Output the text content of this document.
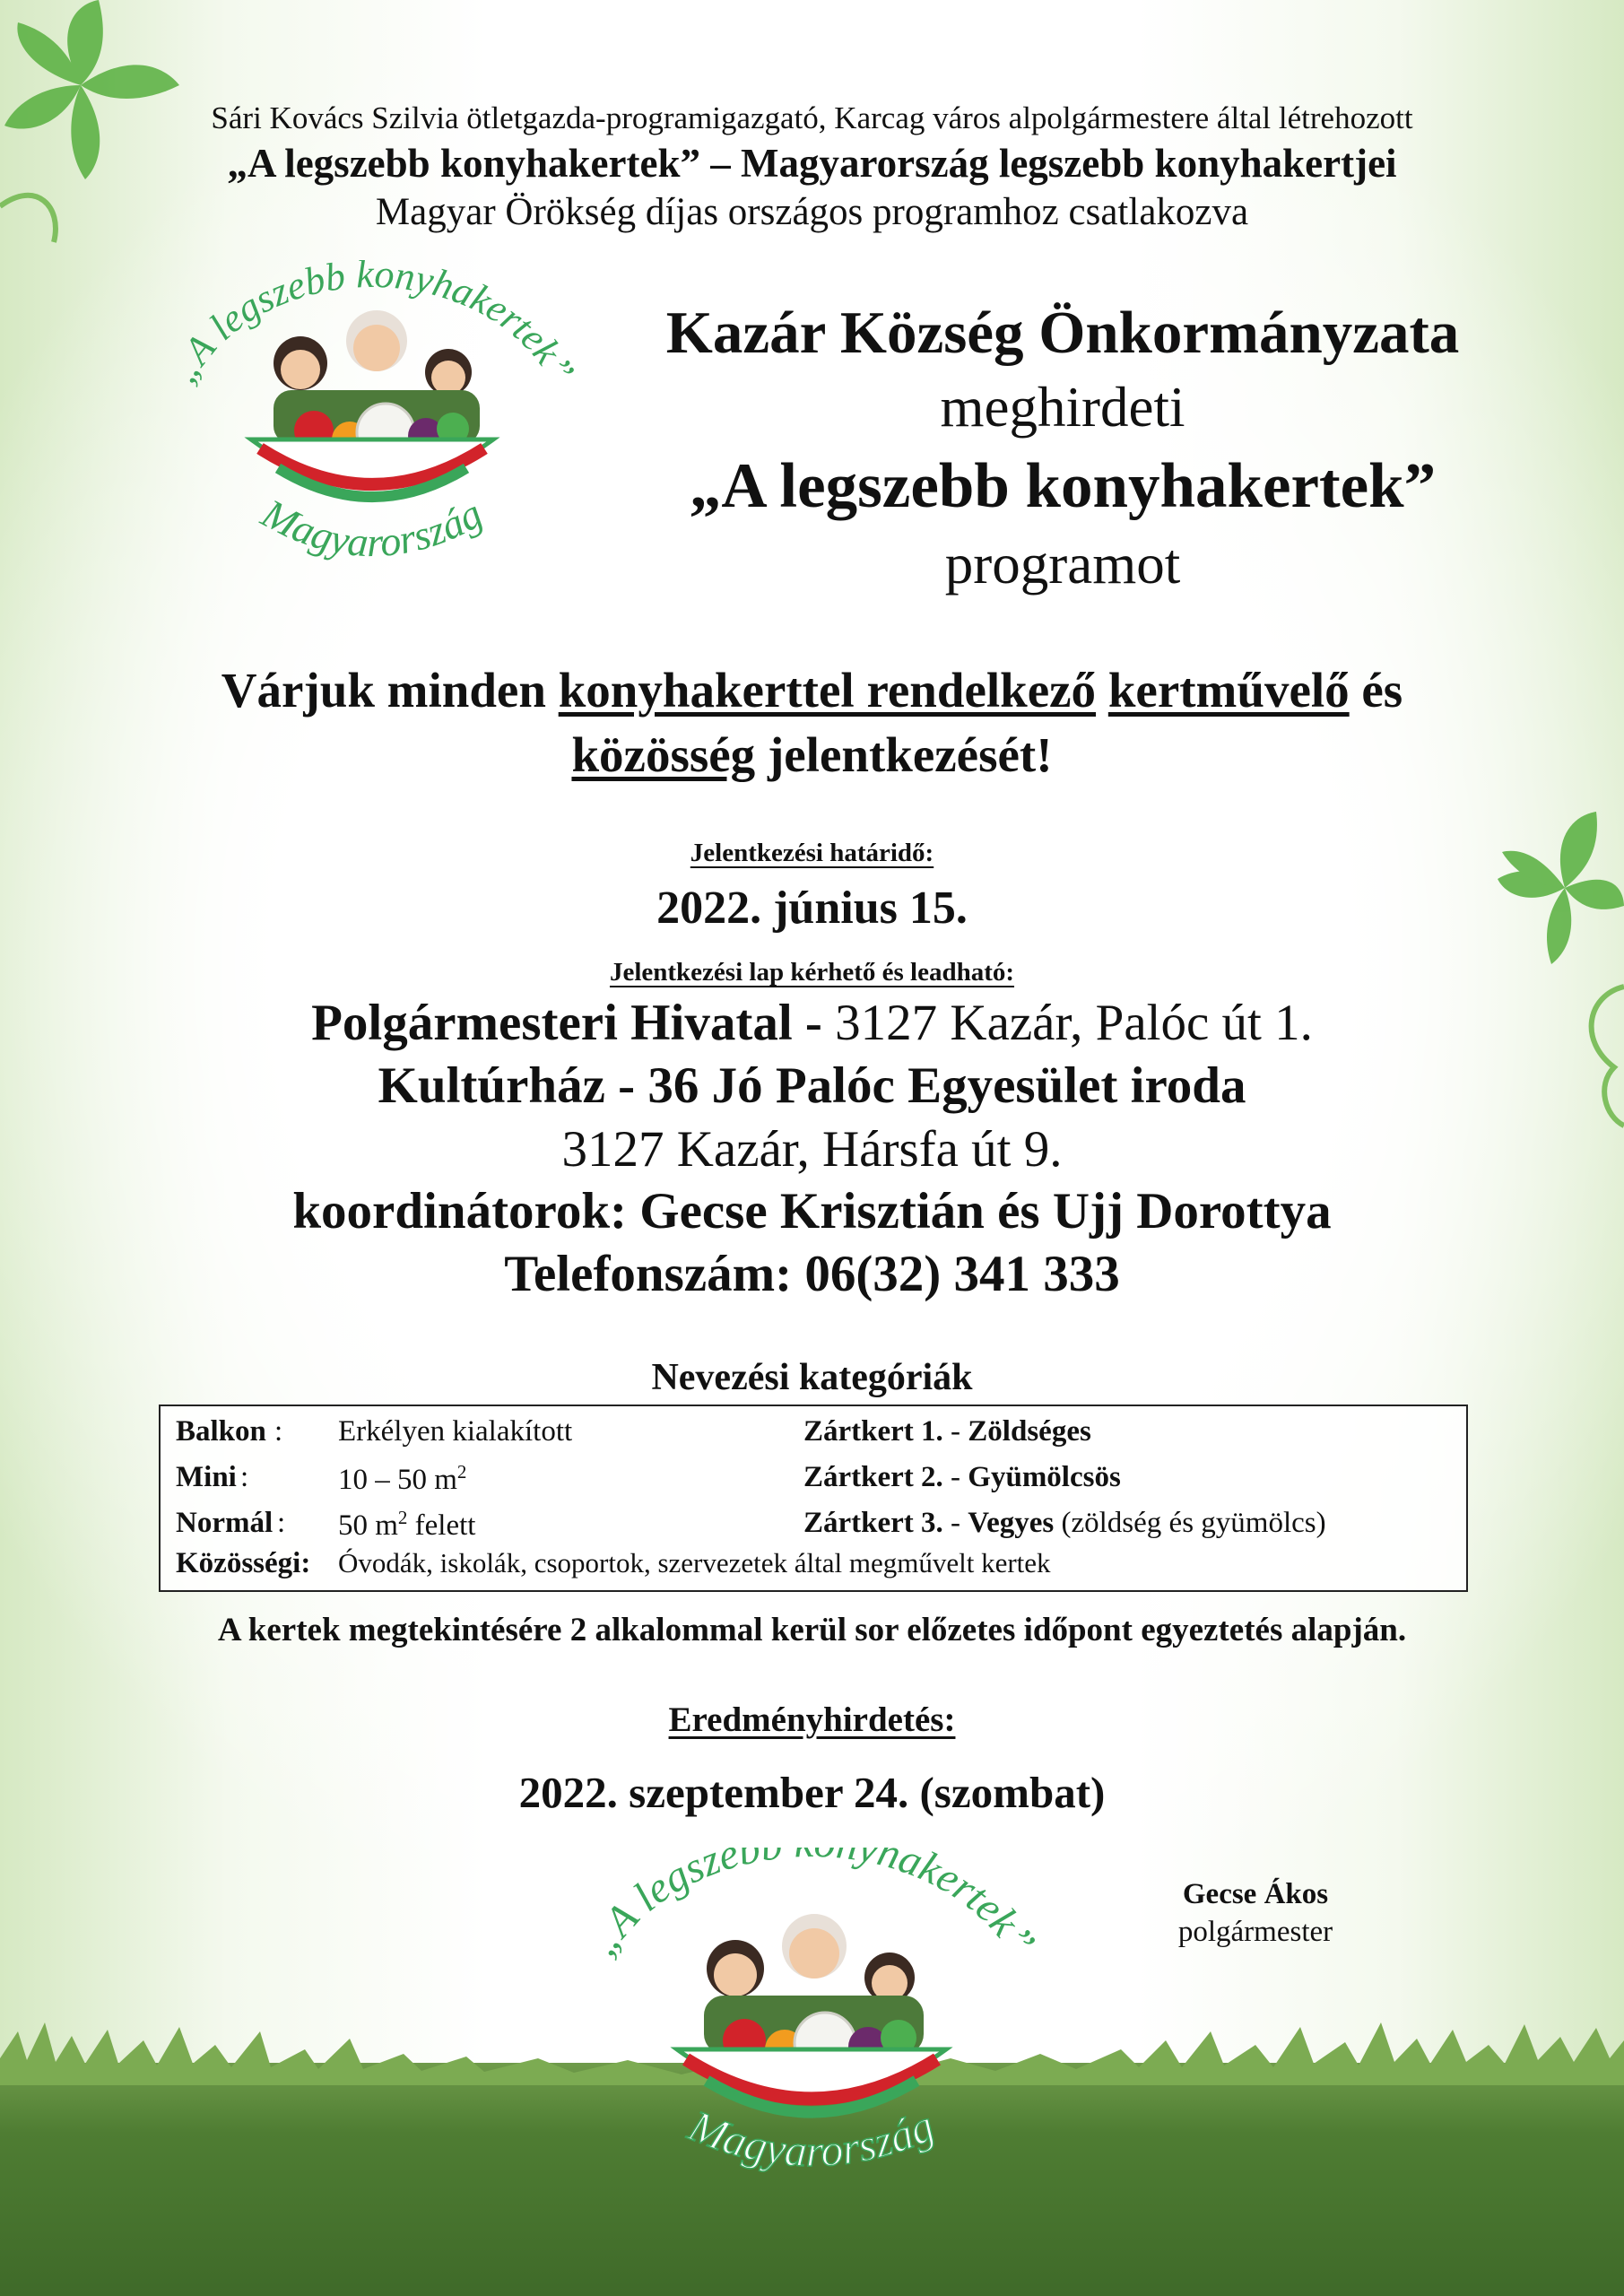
Sári Kovács Szilvia ötletgazda-programigazgató, Karcag város alpolgármestere által létrehozott
„A legszebb konyhakertek” – Magyarország legszebb konyhakertjei
Magyar Örökség díjas országos programhoz csatlakozva
„A legszebb konyhakertek”
Magyarország
Kazár Község Önkormányzata
meghirdeti
„A legszebb konyhakertek”
programot
Várjuk minden konyhakerttel rendelkező kertművelő és
közösség jelentkezését!
Jelentkezési határidő:
2022. június 15.
Jelentkezési lap kérhető és leadható:
Polgármesteri Hivatal - 3127 Kazár, Palóc út 1.
Kultúrház - 36 Jó Palóc Egyesület iroda
3127 Kazár, Hársfa út 9.
koordinátorok: Gecse Krisztián és Ujj Dorottya
Telefonszám: 06(32) 341 333
Nevezési kategóriák
Balkon : Erkélyen kialakított
Mini :	10 – 50 $m^2$
Normál : 50 $m^2$ felett
Zártkert 1. - Zöldséges
Zártkert 2. - Gyümölcsös
Zártkert 3. - Vegyes (zöldség és gyümölcs)
Közösségi: Óvodák, iskolák, csoportok, szervezetek által megművelt kertek
A kertek megtekintésére 2 alkalommal kerül sor előzetes időpont egyeztetés alapján.
Eredményhirdetés:
2022. szeptember 24. (szombat)
Gecse Ákos
polgármester
„A legszeb yhakertek”
Magyarország
